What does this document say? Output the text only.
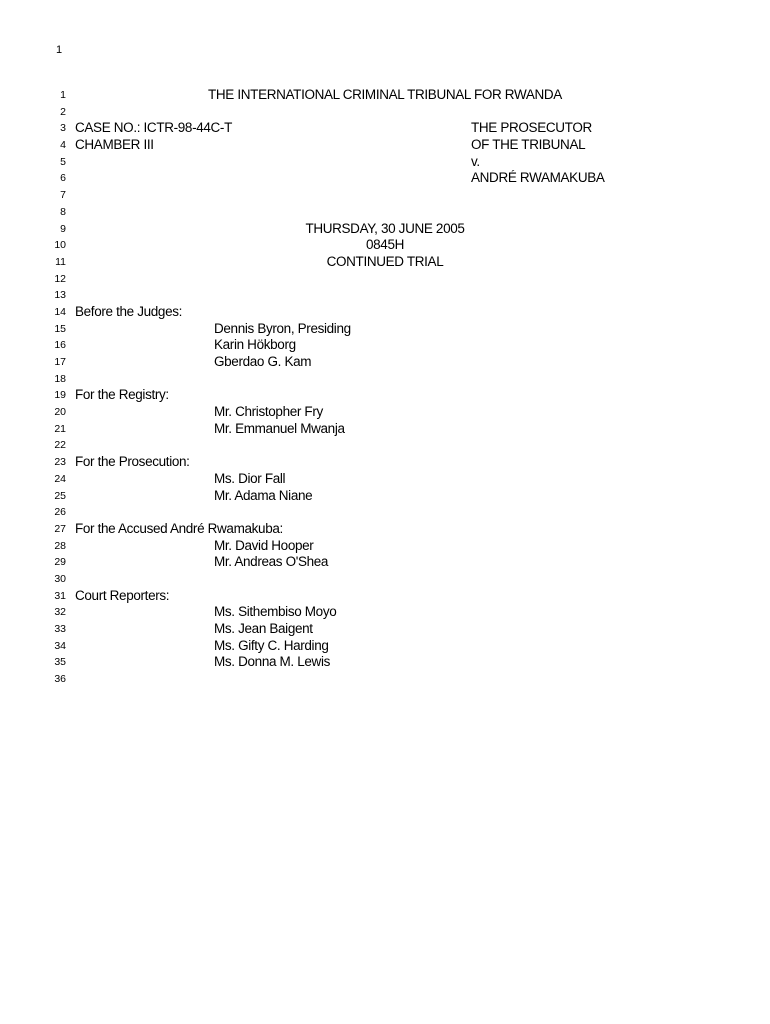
1
1	THE INTERNATIONAL CRIMINAL TRIBUNAL FOR RWANDA
2
3 CASE NO.: ICTR-98-44C-T	THE PROSECUTOR
4 CHAMBER III	OF THE TRIBUNAL
5	v.
6	ANDRÉ RWAMAKUBA
7
8
9	THURSDAY, 30 JUNE 2005
10	0845H
11	CONTINUED TRIAL
12
13
14 Before the Judges:
15	Dennis Byron, Presiding
16	Karin Hökborg
17	Gberdao G. Kam
18
19 For the Registry:
20	Mr. Christopher Fry
21	Mr. Emmanuel Mwanja
22
23 For the Prosecution:
24	Ms. Dior Fall
25	Mr. Adama Niane
26
27 For the Accused André Rwamakuba:
28	Mr. David Hooper
29	Mr. Andreas O'Shea
30
31 Court Reporters:
32	Ms. Sithembiso Moyo
33	Ms. Jean Baigent
34	Ms. Gifty C. Harding
35	Ms. Donna M. Lewis
36
